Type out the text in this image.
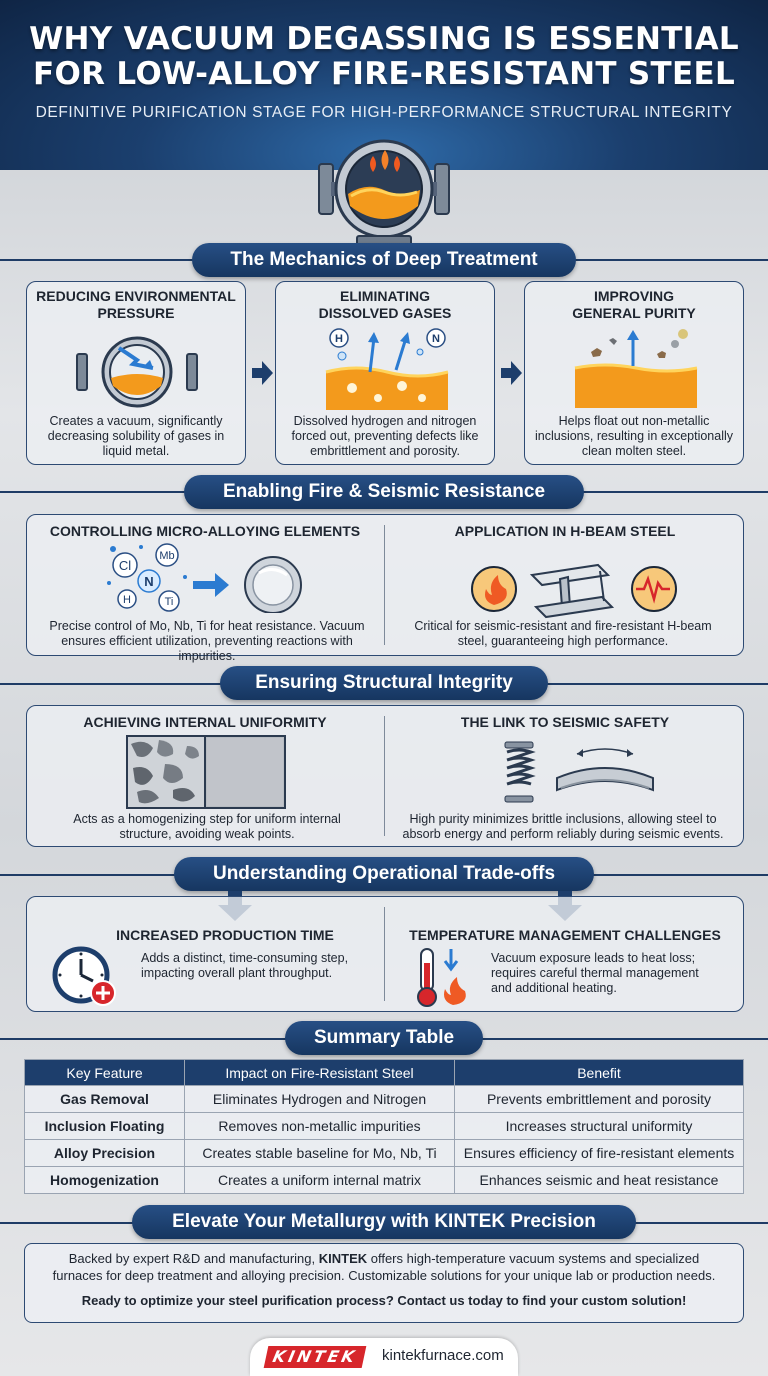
WHY VACUUM DEGASSING IS ESSENTIAL
FOR LOW-ALLOY FIRE-RESISTANT STEEL
DEFINITIVE PURIFICATION STAGE FOR HIGH-PERFORMANCE STRUCTURAL INTEGRITY
The Mechanics of Deep Treatment
REDUCING ENVIRONMENTAL
PRESSURE
Creates a vacuum, significantly
decreasing solubility of gases in
liquid metal.
ELIMINATING
DISSOLVED GASES
H	N
Dissolved hydrogen and nitrogen
forced out, preventing defects like
embrittlement and porosity.
IMPROVING
GENERAL PURITY
Helps float out non-metallic
inclusions, resulting in exceptionally
clean molten steel.
Enabling Fire & Seismic Resistance
CONTROLLING MICRO-ALLOYING ELEMENTS
Cl
Mb
N
H	Ti
Precise control of Mo, Nb, Ti for heat resistance. Vacuum
ensures efficient utilization, preventing reactions with impurities.
APPLICATION IN H-BEAM STEEL
Critical for seismic-resistant and fire-resistant H-beam
steel, guaranteeing high performance.
Ensuring Structural Integrity
ACHIEVING INTERNAL UNIFORMITY
Acts as a homogenizing step for uniform internal
structure, avoiding weak points.
THE LINK TO SEISMIC SAFETY
High purity minimizes brittle inclusions, allowing steel to
absorb energy and perform reliably during seismic events.
Understanding Operational Trade-offs
INCREASED PRODUCTION TIME
Adds a distinct, time-consuming step,
impacting overall plant throughput.
TEMPERATURE MANAGEMENT CHALLENGES
Vacuum exposure leads to heat loss;
requires careful thermal management
and additional heating.
Summary Table
Key Feature	Impact on Fire-Resistant Steel	Benefit
Gas Removal	Eliminates Hydrogen and Nitrogen	Prevents embrittlement and porosity
Inclusion Floating	Removes non-metallic impurities	Increases structural uniformity
Alloy Precision	Creates stable baseline for Mo, Nb, Ti	Ensures efficiency of fire-resistant elements
Homogenization	Creates a uniform internal matrix	Enhances seismic and heat resistance
Elevate Your Metallurgy with KINTEK Precision

Backed by expert R&D and manufacturing, KINTEK offers high-temperature vacuum systems and specialized
furnaces for deep treatment and alloying precision. Customizable solutions for your unique lab or production needs.

Ready to optimize your steel purification process? Contact us today to find your custom solution!

KINTEK	kintekfurnace.com
